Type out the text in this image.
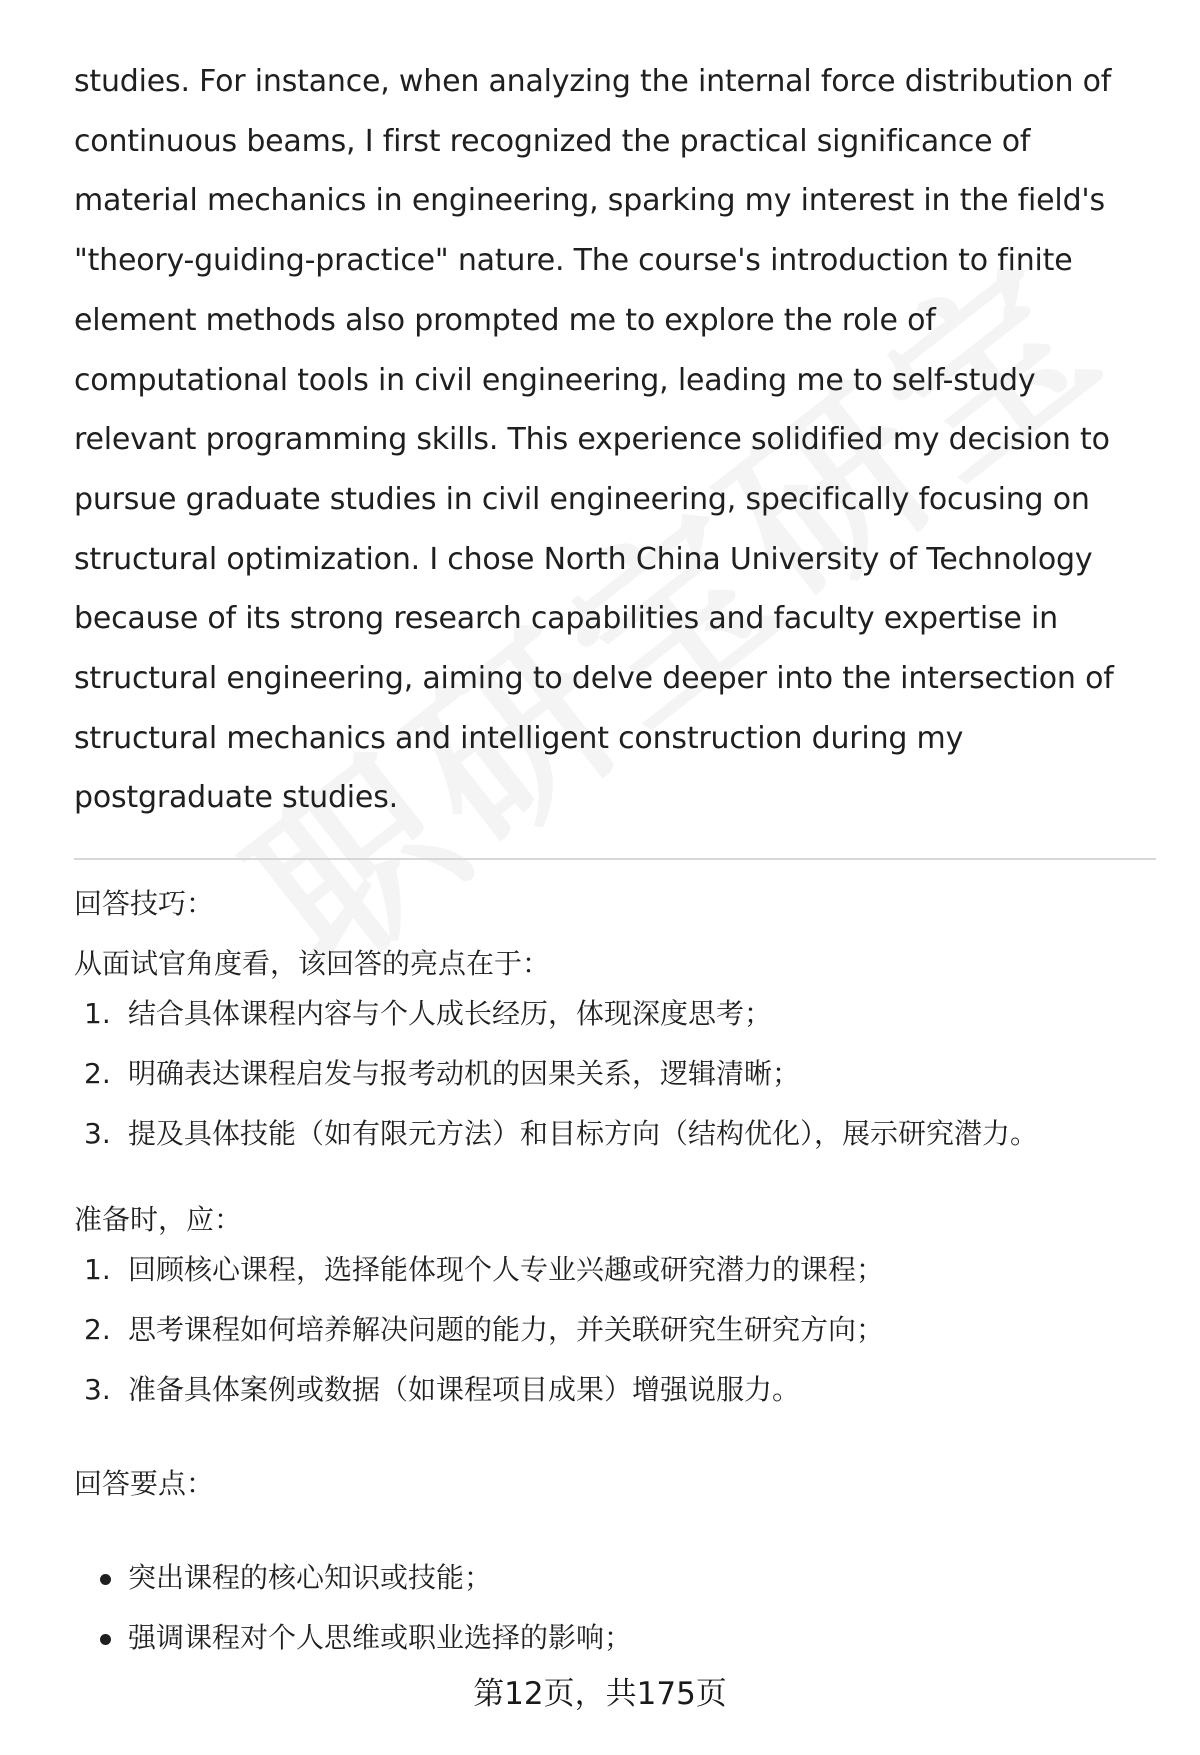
studies. For instance, when analyzing the internal force distribution of continuous beams, I first recognized the practical significance of material mechanics in engineering, sparking my interest in the field's "theory-guiding-practice" nature. The course's introduction to finite element methods also prompted me to explore the role of computational tools in civil engineering, leading me to self-study relevant programming skills. This experience solidified my decision to pursue graduate studies in civil engineering, specifically focusing on structural optimization. I chose North China University of Technology because of its strong research capabilities and faculty expertise in structural engineering, aiming to delve deeper into the intersection of structural mechanics and intelligent construction during my postgraduate studies.

回答技巧：

从面试官角度看，该回答的亮点在于：

1. 结合具体课程内容与个人成长经历，体现深度思考；
2. 明确表达课程启发与报考动机的因果关系，逻辑清晰；
3. 提及具体技能（如有限元方法）和目标方向（结构优化），展示研究潜力。

准备时，应：

1. 回顾核心课程，选择能体现个人专业兴趣或研究潜力的课程；
2. 思考课程如何培养解决问题的能力，并关联研究生研究方向；
3. 准备具体案例或数据（如课程项目成果）增强说服力。

回答要点：

突出课程的核心知识或技能；
强调课程对个人思维或职业选择的影响；
第12页，共175页
